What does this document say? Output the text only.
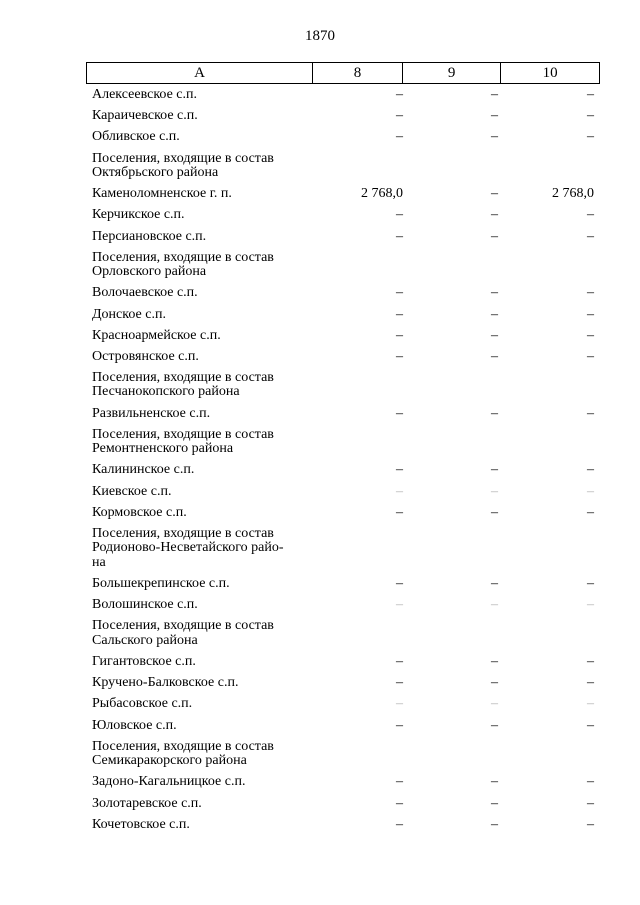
1870
А	8	9	10
Алексеевское с.п.	–	–	–
Караичевское с.п.	–	–	–
Обливское с.п.	–	–	–
Поселения, входящие в состав
Октябрьского района
Каменоломненское г. п.	2 768,0	–	2 768,0
Керчикское с.п.	–	–	–
Персиановское с.п.	–	–	–
Поселения, входящие в состав
Орловского района
Волочаевское с.п.	–	–	–
Донское с.п.	–	–	–
Красноармейское с.п.	–	–	–
Островянское с.п.	–	–	–
Поселения, входящие в состав
Песчанокопского района
Развильненское с.п.	–	–	–
Поселения, входящие в состав
Ремонтненского района
Калининское с.п.	–	–	–
Киевское с.п.	–	–	–
Кормовское с.п.	–	–	–
Поселения, входящие в состав
Родионово-Несветайского райо-
на
Большекрепинское с.п.	–	–	–
Волошинское с.п.	–	–	–
Поселения, входящие в состав
Сальского района
Гигантовское с.п.	–	–	–
Кручено-Балковское с.п.	–	–	–
Рыбасовское с.п.	–	–	–
Юловское с.п.	–	–	–
Поселения, входящие в состав
Семикаракорского района
Задоно-Кагальницкое с.п.	–	–	–
Золотаревское с.п.	–	–	–
Кочетовское с.п.	–	–	–
